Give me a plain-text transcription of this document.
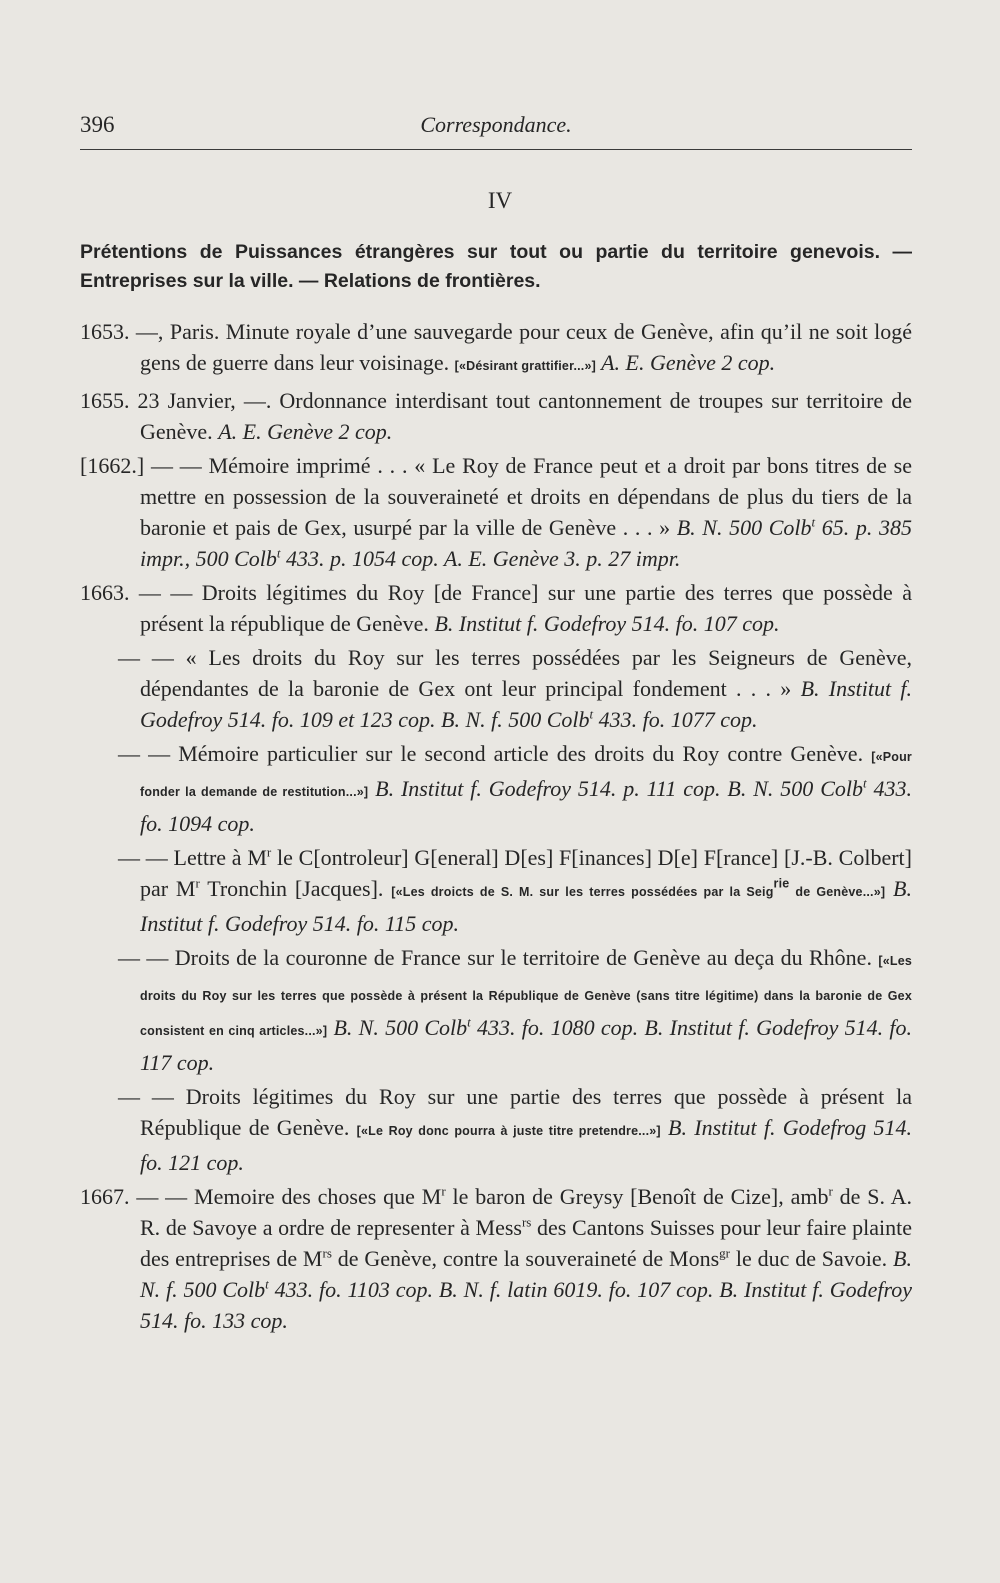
396	Correspondance.
IV
Prétentions de Puissances étrangères sur tout ou partie du territoire genevois. — Entreprises sur la ville. — Relations de frontières.

1653. —, Paris. Minute royale d’une sauvegarde pour ceux de Genève, afin qu’il ne soit logé gens de guerre dans leur voisinage. [«Désirant grattifier...»] A. E. Genève 2 cop.

1655. 23 Janvier, —. Ordonnance interdisant tout cantonnement de troupes sur territoire de Genève. A. E. Genève 2 cop.

[1662.] — — Mémoire imprimé . . . « Le Roy de France peut et a droit par bons titres de se mettre en possession de la souveraineté et droits en dépendans de plus du tiers de la baronie et pais de Gex, usurpé par la ville de Genève . . . » B. N. 500 Colb$^t$ 65. p. 385 impr., 500 Colb$^t$ 433. p. 1054 cop. A. E. Genève 3. p. 27 impr.

1663. — — Droits légitimes du Roy [de France] sur une partie des terres que possède à présent la république de Genève. B. Institut f. Godefroy 514. fo. 107 cop.

— — « Les droits du Roy sur les terres possédées par les Seigneurs de Genève, dépendantes de la baronie de Gex ont leur principal fondement . . . » B. Institut f. Godefroy 514. fo. 109 et 123 cop. B. N. f. 500 Colb$^t$ 433. fo. 1077 cop.

— — Mémoire particulier sur le second article des droits du Roy contre Genève. [«Pour fonder la demande de restitution...»] B. Institut f. Godefroy 514. p. 111 cop. B. N. 500 Colb$^t$ 433. fo. 1094 cop.

— — Lettre à $M^r$ le C[ontroleur] G[eneral] D[es] F[inances] D[e] F[rance] [J.-B. Colbert] par $M^r$ Tronchin [Jacques]. [«Les droicts de S. M. sur les terres possédées par la Seig$^{rie}$ de Genève...»] B. Institut f. Godefroy 514. fo. 115 cop.

— — Droits de la couronne de France sur le territoire de Genève au deça du Rhône. [«Les droits du Roy sur les terres que possède à présent la République de Genève (sans titre légitime) dans la baronie de Gex consistent en cinq articles...»] B. N. 500 Colb$^t$ 433. fo. 1080 cop. B. Institut f. Godefroy 514. fo. 117 cop.

— — Droits légitimes du Roy sur une partie des terres que possède à présent la République de Genève. [«Le Roy donc pourra à juste titre pretendre...»] B. Institut f. Godefrog 514. fo. 121 cop.

1667. — — Memoire des choses que $M^r$ le baron de Greysy [Benoît de Cize], amb$^r$ de S. A. R. de Savoye a ordre de representer à Mess$^{rs}$ des Cantons Suisses pour leur faire plainte des entreprises de $M^{rs}$ de Genève, contre la souveraineté de Mons$^{gr}$ le duc de Savoie. B. N. f. 500 Colb$^t$ 433. fo. 1103 cop. B. N. f. latin 6019. fo. 107 cop. B. Institut f. Godefroy 514. fo. 133 cop.
